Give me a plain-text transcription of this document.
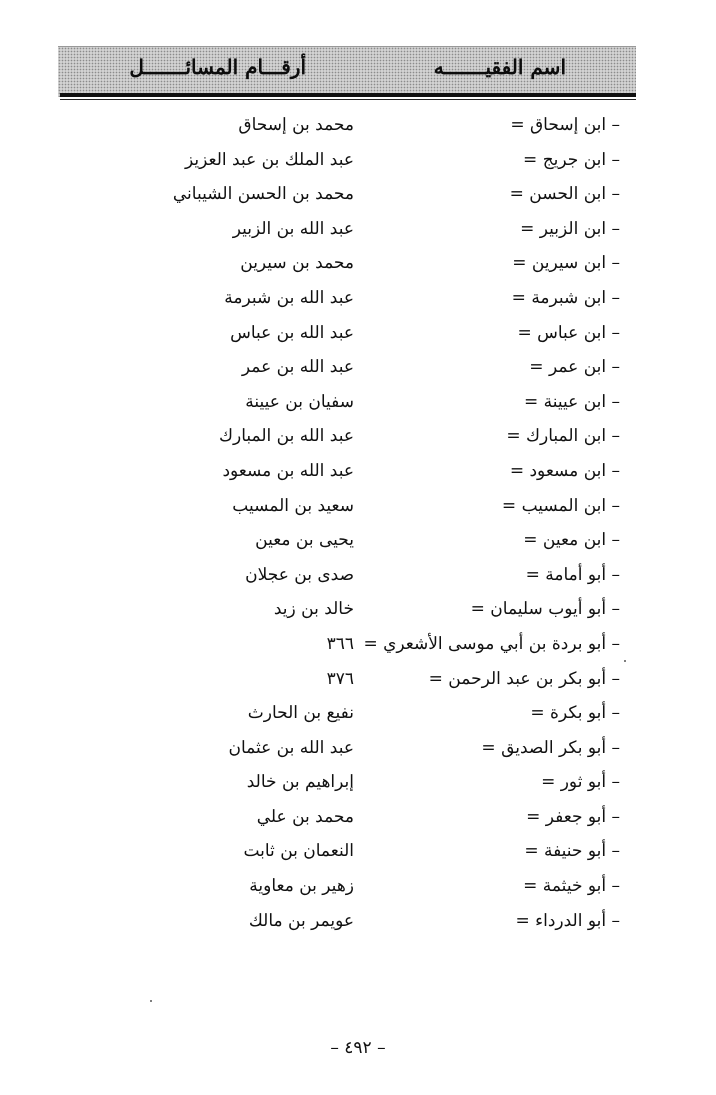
اسم الفقيـــــــه
أرقـــام المسائـــــــل
– ابن إسحاق =
محمد بن إسحاق
– ابن جريج =
عبد الملك بن عبد العزيز
– ابن الحسن =
محمد بن الحسن الشيباني
– ابن الزبير =
عبد الله بن الزبير
– ابن سيرين =
محمد بن سيرين
– ابن شبرمة =
عبد الله بن شبرمة
– ابن عباس =
عبد الله بن عباس
– ابن عمر =
عبد الله بن عمر
– ابن عيينة =
سفيان بن عيينة
– ابن المبارك =
عبد الله بن المبارك
– ابن مسعود =
عبد الله بن مسعود
– ابن المسيب =
سعيد بن المسيب
– ابن معين =
يحيى بن معين
– أبو أمامة =
صدى بن عجلان
– أبو أيوب سليمان =
خالد بن زيد
– أبو بردة بن أبي موسى الأشعري =
٣٦٦
– أبو بكر بن عبد الرحمن =
٣٧٦
– أبو بكرة =
نفيع بن الحارث
– أبو بكر الصديق =
عبد الله بن عثمان
– أبو ثور =
إبراهيم بن خالد
– أبو جعفر =
محمد بن علي
– أبو حنيفة =
النعمان بن ثابت
– أبو خيثمة =
زهير بن معاوية
– أبو الدرداء =
عويمر بن مالك
– ٤٩٢ –
